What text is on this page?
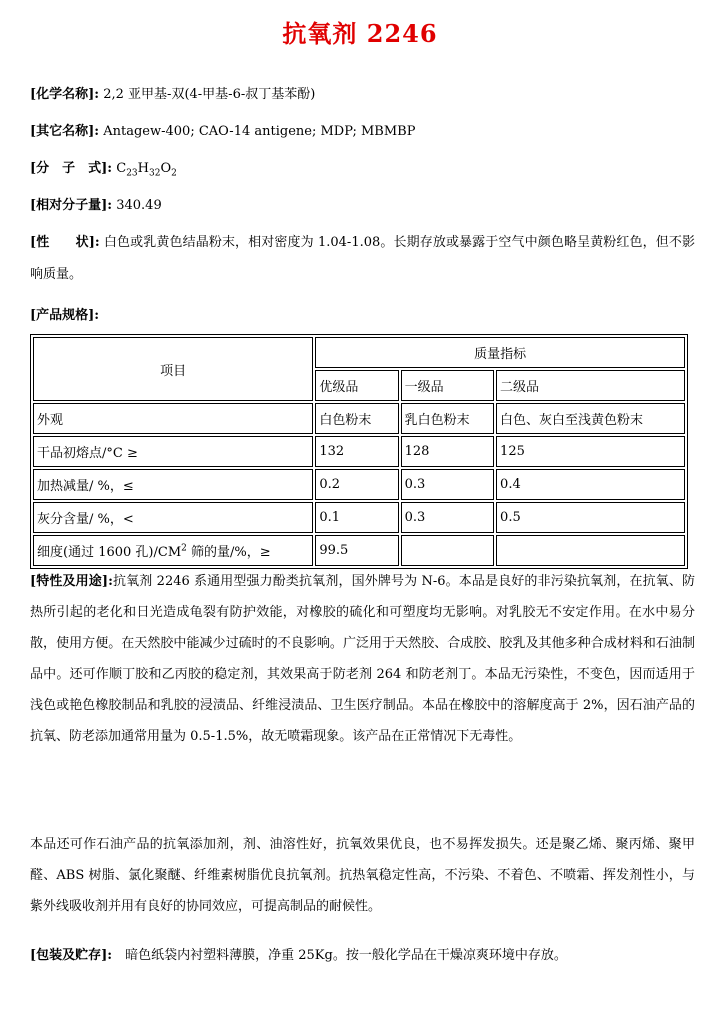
抗氧剂 2246
[化学名称]: 2,2 亚甲基-双(4-甲基-6-叔丁基苯酚)
[其它名称]: Antagew-400; CAO-14 antigene; MDP; MBMBP
[分　子　式]: $C_{23}H_{32}O_2$
[相对分子量]: 340.49
[性　　状]: 白色或乳黄色结晶粉末，相对密度为 1.04-1.08。长期存放或暴露于空气中颜色略呈黄粉红色，但不影响质量。
[产品规格]:
项目	质量指标		
	优级品	一级品	二级品
外观	白色粉末	乳白色粉末	白色、灰白至浅黄色粉末
干品初熔点/°C ≥	132	128	125
加热减量/ %，≤	0.2	0.3	0.4
灰分含量/ %，<	0.1	0.3	0.5
细度(通过 1600 孔)$/CM^2$ 筛的量/%，≥	99.5		
[特性及用途]:抗氧剂 2246 系通用型强力酚类抗氧剂，国外牌号为 N-6。本品是良好的非污染抗氧剂，在抗氧、防热所引起的老化和日光造成龟裂有防护效能，对橡胶的硫化和可塑度均无影响。对乳胶无不安定作用。在水中易分散，使用方便。在天然胶中能减少过硫时的不良影响。广泛用于天然胶、合成胶、胶乳及其他多种合成材料和石油制品中。还可作顺丁胶和乙丙胶的稳定剂，其效果高于防老剂 264 和防老剂丁。本品无污染性，不变色，因而适用于浅色或艳色橡胶制品和乳胶的浸渍品、纤维浸渍品、卫生医疗制品。本品在橡胶中的溶解度高于 2%，因石油产品的抗氧、防老添加通常用量为 0.5-1.5%，故无喷霜现象。该产品在正常情况下无毒性。
本品还可作石油产品的抗氧添加剂，剂、油溶性好，抗氧效果优良，也不易挥发损失。还是聚乙烯、聚丙烯、聚甲醛、ABS 树脂、氯化聚醚、纤维素树脂优良抗氧剂。抗热氧稳定性高，不污染、不着色、不喷霜、挥发剂性小，与紫外线吸收剂并用有良好的协同效应，可提高制品的耐候性。
[包装及贮存]:　暗色纸袋内衬塑料薄膜，净重 25Kg。按一般化学品在干燥凉爽环境中存放。
